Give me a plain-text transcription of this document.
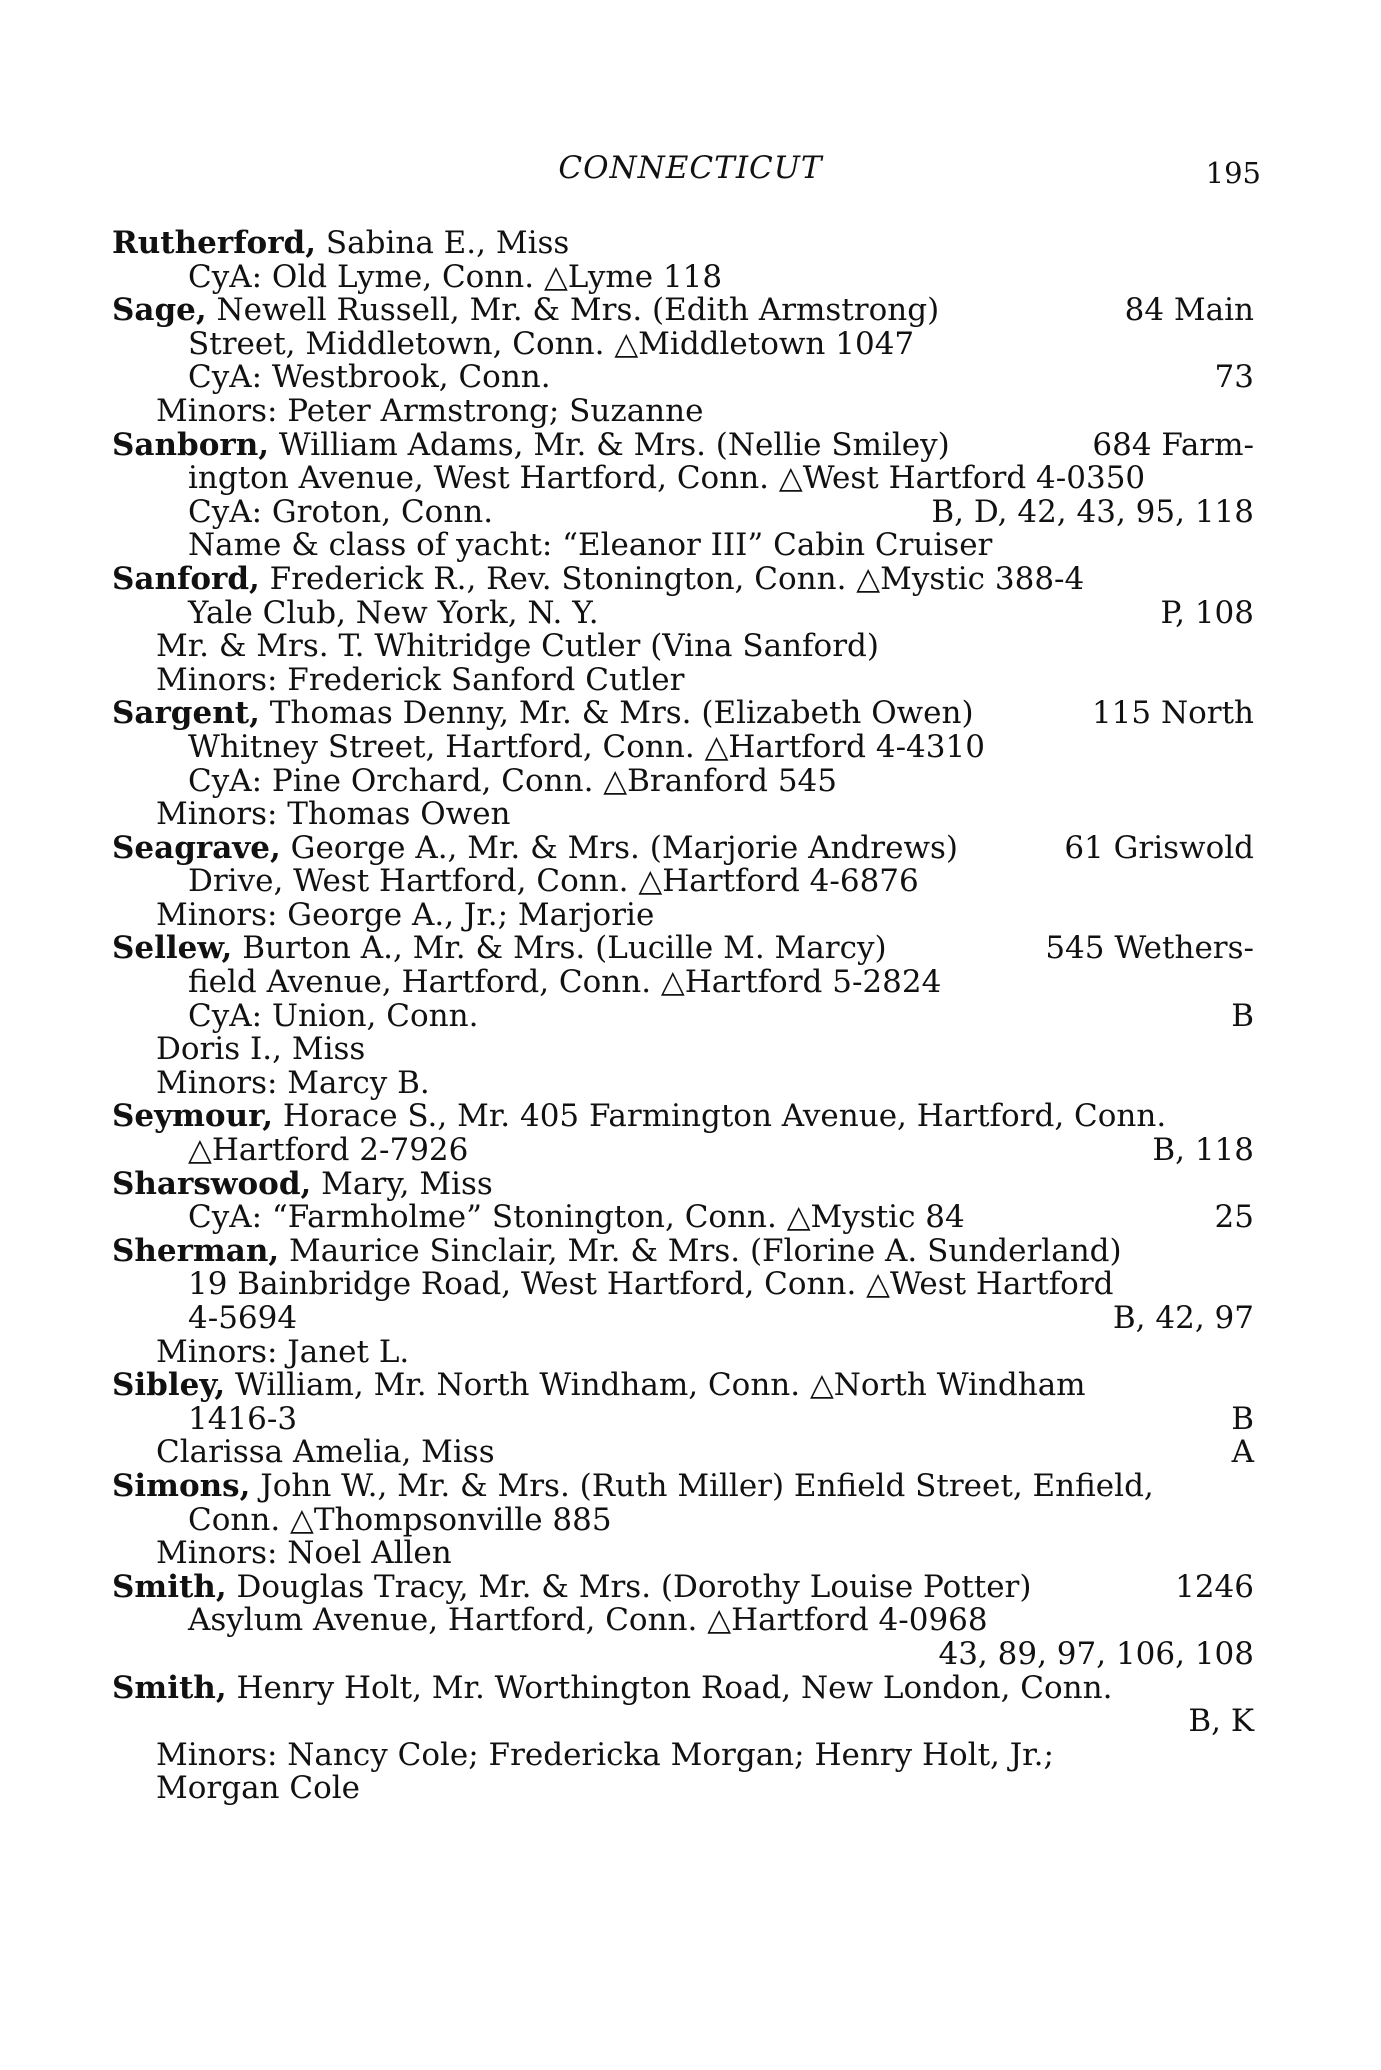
CONNECTICUT	195
Rutherford, Sabina E., Miss
CyA: Old Lyme, Conn. △Lyme 118
Sage, Newell Russell, Mr. & Mrs. (Edith Armstrong)	84 Main
Street, Middletown, Conn. △Middletown 1047
CyA: Westbrook, Conn.	73
Minors: Peter Armstrong; Suzanne
Sanborn, William Adams, Mr. & Mrs. (Nellie Smiley)	684 Farm-
ington Avenue, West Hartford, Conn. △West Hartford 4-0350
CyA: Groton, Conn.	B, D, 42, 43, 95, 118
Name & class of yacht: “Eleanor III” Cabin Cruiser
Sanford, Frederick R., Rev. Stonington, Conn. △Mystic 388-4
Yale Club, New York, N. Y.	P, 108
Mr. & Mrs. T. Whitridge Cutler (Vina Sanford)
Minors: Frederick Sanford Cutler
Sargent, Thomas Denny, Mr. & Mrs. (Elizabeth Owen)	115 North
Whitney Street, Hartford, Conn. △Hartford 4-4310
CyA: Pine Orchard, Conn. △Branford 545
Minors: Thomas Owen
Seagrave, George A., Mr. & Mrs. (Marjorie Andrews)	61 Griswold
Drive, West Hartford, Conn. △Hartford 4-6876
Minors: George A., Jr.; Marjorie
Sellew, Burton A., Mr. & Mrs. (Lucille M. Marcy)	545 Wethers-
field Avenue, Hartford, Conn. △Hartford 5-2824
CyA: Union, Conn.	B
Doris I., Miss
Minors: Marcy B.
Seymour, Horace S., Mr. 405 Farmington Avenue, Hartford, Conn.
△Hartford 2-7926	B, 118
Sharswood, Mary, Miss
CyA: “Farmholme” Stonington, Conn. △Mystic 84	25
Sherman, Maurice Sinclair, Mr. & Mrs. (Florine A. Sunderland)
19 Bainbridge Road, West Hartford, Conn. △West Hartford
4-5694	B, 42, 97
Minors: Janet L.
Sibley, William, Mr. North Windham, Conn. △North Windham
1416-3	B
Clarissa Amelia, Miss	A
Simons, John W., Mr. & Mrs. (Ruth Miller) Enfield Street, Enfield,
Conn. △Thompsonville 885
Minors: Noel Allen
Smith, Douglas Tracy, Mr. & Mrs. (Dorothy Louise Potter)	1246
Asylum Avenue, Hartford, Conn. △Hartford 4-0968
43, 89, 97, 106, 108
Smith, Henry Holt, Mr. Worthington Road, New London, Conn.
B, K
Minors: Nancy Cole; Fredericka Morgan; Henry Holt, Jr.;
Morgan Cole
